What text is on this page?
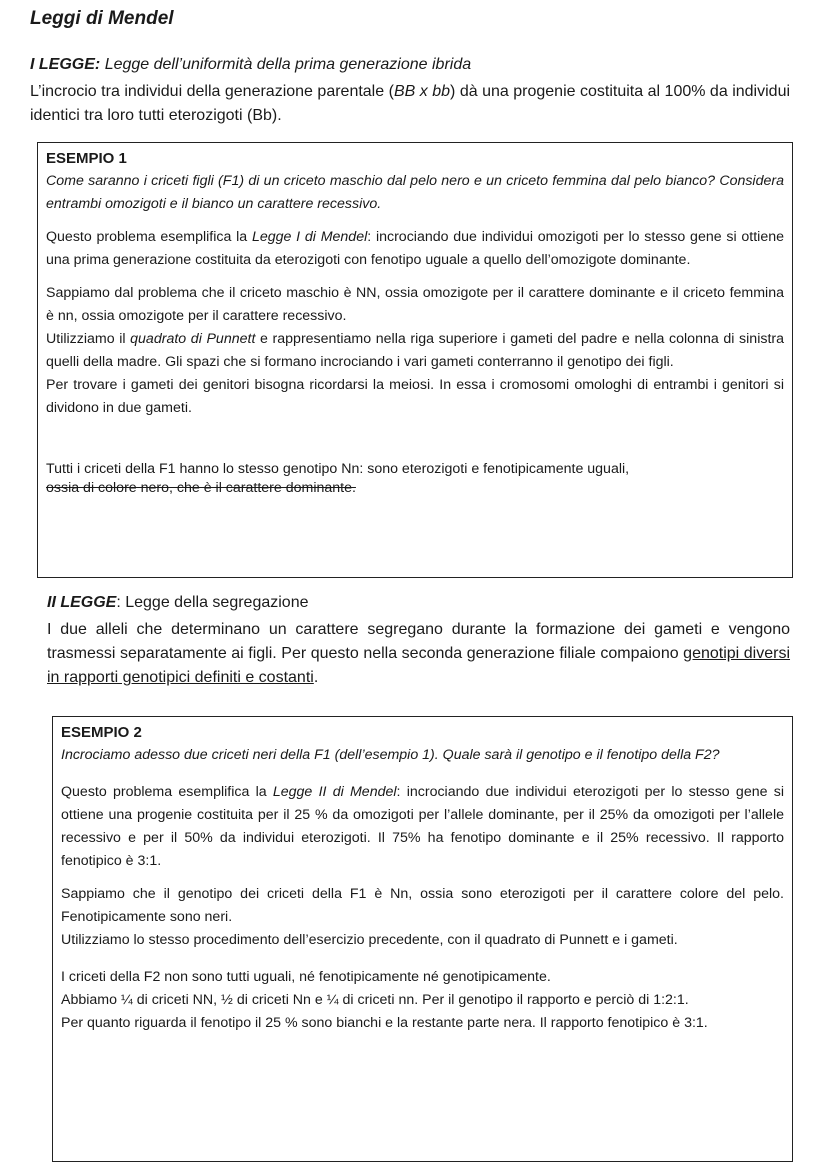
Leggi di Mendel
I LEGGE: Legge dell’uniformità della prima generazione ibrida
L’incrocio tra individui della generazione parentale (BB x bb) dà una progenie costituita al 100% da individui identici tra loro tutti eterozigoti (Bb).

ESEMPIO 1

Come saranno i criceti figli (F1) di un criceto maschio dal pelo nero e un criceto femmina dal pelo bianco? Considera entrambi omozigoti e il bianco un carattere recessivo.

Questo problema esemplifica la Legge I di Mendel: incrociando due individui omozigoti per lo stesso gene si ottiene una prima generazione costituita da eterozigoti con fenotipo uguale a quello dell’omozigote dominante.

Sappiamo dal problema che il criceto maschio è NN, ossia omozigote per il carattere dominante e il criceto femmina è nn, ossia omozigote per il carattere recessivo.

Utilizziamo il quadrato di Punnett e rappresentiamo nella riga superiore i gameti del padre e nella colonna di sinistra quelli della madre. Gli spazi che si formano incrociando i vari gameti conterranno il genotipo dei figli.

Per trovare i gameti dei genitori bisogna ricordarsi la meiosi. In essa i cromosomi omologhi di entrambi i genitori si dividono in due gameti.

Tutti i criceti della F1 hanno lo stesso genotipo Nn: sono eterozigoti e fenotipicamente uguali,

ossia di colore nero, che è il carattere dominante.

II LEGGE: Legge della segregazione
I due alleli che determinano un carattere segregano durante la formazione dei gameti e vengono trasmessi separatamente ai figli. Per questo nella seconda generazione filiale compaiono genotipi diversi in rapporti genotipici definiti e costanti.

ESEMPIO 2

Incrociamo adesso due criceti neri della F1 (dell’esempio 1). Quale sarà il genotipo e il fenotipo della F2?

Questo problema esemplifica la Legge II di Mendel: incrociando due individui eterozigoti per lo stesso gene si ottiene una progenie costituita per il 25 % da omozigoti per l’allele dominante, per il 25% da omozigoti per l’allele recessivo e per il 50% da individui eterozigoti. Il 75% ha fenotipo dominante e il 25% recessivo. Il rapporto fenotipico è 3:1.

Sappiamo che il genotipo dei criceti della F1 è Nn, ossia sono eterozigoti per il carattere colore del pelo. Fenotipicamente sono neri.

Utilizziamo lo stesso procedimento dell’esercizio precedente, con il quadrato di Punnett e i gameti.

I criceti della F2 non sono tutti uguali, né fenotipicamente né genotipicamente.

Abbiamo ¼ di criceti NN, ½ di criceti Nn e ¼ di criceti nn. Per il genotipo il rapporto e perciò di 1:2:1.

Per quanto riguarda il fenotipo il 25 % sono bianchi e la restante parte nera. Il rapporto fenotipico è 3:1.
